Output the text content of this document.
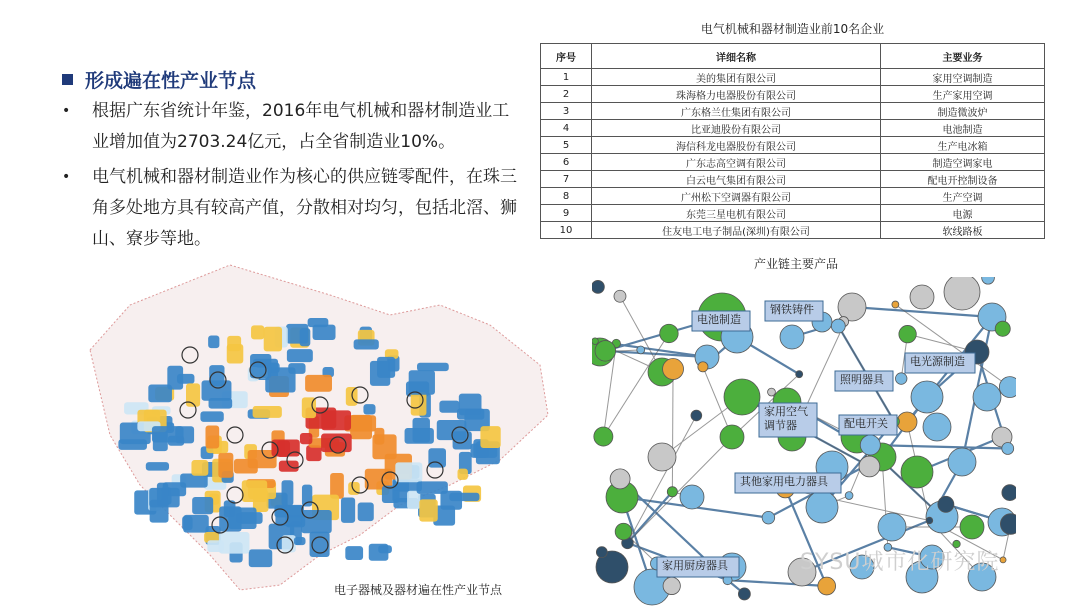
形成遍在性产业节点
•	根据广东省统计年鉴，2016年电气机械和器材制造业工业增加值为2703.24亿元，占全省制造业10%。
•	电气机械和器材制造业作为核心的供应链零配件，在珠三角多处地方具有较高产值，分散相对均匀，包括北滘、狮山、寮步等地。
电气机械和器材制造业前10名企业
序号	详细名称	主要业务
1	美的集团有限公司	家用空调制造
2	珠海格力电器股份有限公司	生产家用空调
3	广东格兰仕集团有限公司	制造微波炉
4	比亚迪股份有限公司	电池制造
5	海信科龙电器股份有限公司	生产电冰箱
6	广东志高空调有限公司	制造空调家电
7	白云电气集团有限公司	配电开控制设备
8	广州松下空调器有限公司	生产空调
9	东莞三星电机有限公司	电源
10	住友电工电子制品(深圳)有限公司	软线路板
电子器械及器材遍在性产业节点
产业链主要产品
电池制造
钢铁铸件
照明器具
电光源制造
家用空气
调节器	配电开关
其他家用电力器具
家用厨房器具	SYSU城市化研究院
